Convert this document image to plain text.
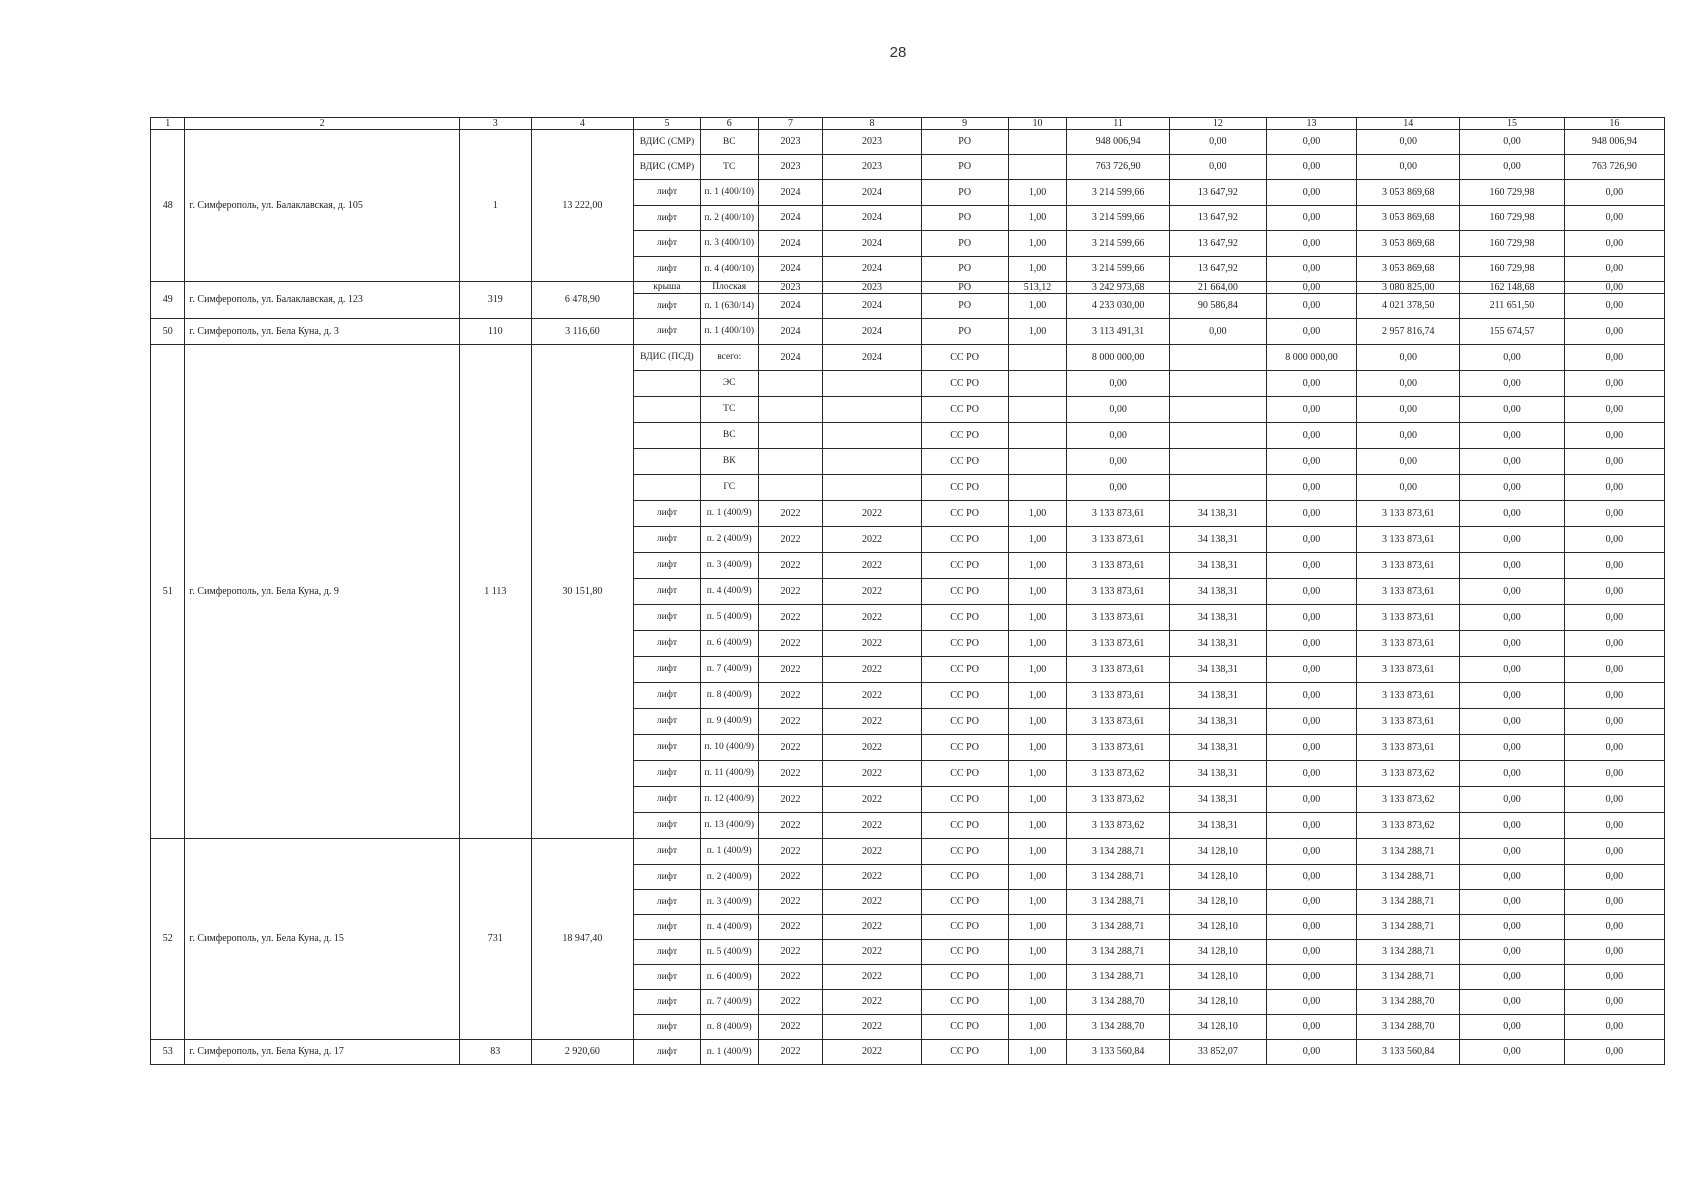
28
1	2	3	4	5	6	7	8	9	10	11	12	13	14	15	16
48	г. Симферополь, ул. Балаклавская, д. 105	1	13 222,00	ВДИС (СМР)	ВС	2023	2023	РО		948 006,94	0,00	0,00	0,00	0,00	948 006,94
				ВДИС (СМР)	ТС	2023	2023	РО		763 726,90	0,00	0,00	0,00	0,00	763 726,90
				лифт	п. 1 (400/10)	2024	2024	РО	1,00	3 214 599,66	13 647,92	0,00	3 053 869,68	160 729,98	0,00
				лифт	п. 2 (400/10)	2024	2024	РО	1,00	3 214 599,66	13 647,92	0,00	3 053 869,68	160 729,98	0,00
				лифт	п. 3 (400/10)	2024	2024	РО	1,00	3 214 599,66	13 647,92	0,00	3 053 869,68	160 729,98	0,00
				лифт	п. 4 (400/10)	2024	2024	РО	1,00	3 214 599,66	13 647,92	0,00	3 053 869,68	160 729,98	0,00
49	г. Симферополь, ул. Балаклавская, д. 123	319	6 478,90	крыша	Плоская	2023	2023	РО	513,12	3 242 973,68	21 664,00	0,00	3 080 825,00	162 148,68	0,00
				лифт	п. 1 (630/14)	2024	2024	РО	1,00	4 233 030,00	90 586,84	0,00	4 021 378,50	211 651,50	0,00
50	г. Симферополь, ул. Бела Куна, д. 3	110	3 116,60	лифт	п. 1 (400/10)	2024	2024	РО	1,00	3 113 491,31	0,00	0,00	2 957 816,74	155 674,57	0,00
51	г. Симферополь, ул. Бела Куна, д. 9	1 113	30 151,80	ВДИС (ПСД)	всего:	2024	2024	СС РО		8 000 000,00		8 000 000,00	0,00	0,00	0,00
					ЭС			СС РО		0,00		0,00	0,00	0,00	0,00
					ТС			СС РО		0,00		0,00	0,00	0,00	0,00
					ВС			СС РО		0,00		0,00	0,00	0,00	0,00
					ВК			СС РО		0,00		0,00	0,00	0,00	0,00
					ГС			СС РО		0,00		0,00	0,00	0,00	0,00
				лифт	п. 1 (400/9)	2022	2022	СС РО	1,00	3 133 873,61	34 138,31	0,00	3 133 873,61	0,00	0,00
				лифт	п. 2 (400/9)	2022	2022	СС РО	1,00	3 133 873,61	34 138,31	0,00	3 133 873,61	0,00	0,00
				лифт	п. 3 (400/9)	2022	2022	СС РО	1,00	3 133 873,61	34 138,31	0,00	3 133 873,61	0,00	0,00
				лифт	п. 4 (400/9)	2022	2022	СС РО	1,00	3 133 873,61	34 138,31	0,00	3 133 873,61	0,00	0,00
				лифт	п. 5 (400/9)	2022	2022	СС РО	1,00	3 133 873,61	34 138,31	0,00	3 133 873,61	0,00	0,00
				лифт	п. 6 (400/9)	2022	2022	СС РО	1,00	3 133 873,61	34 138,31	0,00	3 133 873,61	0,00	0,00
				лифт	п. 7 (400/9)	2022	2022	СС РО	1,00	3 133 873,61	34 138,31	0,00	3 133 873,61	0,00	0,00
				лифт	п. 8 (400/9)	2022	2022	СС РО	1,00	3 133 873,61	34 138,31	0,00	3 133 873,61	0,00	0,00
				лифт	п. 9 (400/9)	2022	2022	СС РО	1,00	3 133 873,61	34 138,31	0,00	3 133 873,61	0,00	0,00
				лифт	п. 10 (400/9)	2022	2022	СС РО	1,00	3 133 873,61	34 138,31	0,00	3 133 873,61	0,00	0,00
				лифт	п. 11 (400/9)	2022	2022	СС РО	1,00	3 133 873,62	34 138,31	0,00	3 133 873,62	0,00	0,00
				лифт	п. 12 (400/9)	2022	2022	СС РО	1,00	3 133 873,62	34 138,31	0,00	3 133 873,62	0,00	0,00
				лифт	п. 13 (400/9)	2022	2022	СС РО	1,00	3 133 873,62	34 138,31	0,00	3 133 873,62	0,00	0,00
52	г. Симферополь, ул. Бела Куна, д. 15	731	18 947,40	лифт	п. 1 (400/9)	2022	2022	СС РО	1,00	3 134 288,71	34 128,10	0,00	3 134 288,71	0,00	0,00
				лифт	п. 2 (400/9)	2022	2022	СС РО	1,00	3 134 288,71	34 128,10	0,00	3 134 288,71	0,00	0,00
				лифт	п. 3 (400/9)	2022	2022	СС РО	1,00	3 134 288,71	34 128,10	0,00	3 134 288,71	0,00	0,00
				лифт	п. 4 (400/9)	2022	2022	СС РО	1,00	3 134 288,71	34 128,10	0,00	3 134 288,71	0,00	0,00
				лифт	п. 5 (400/9)	2022	2022	СС РО	1,00	3 134 288,71	34 128,10	0,00	3 134 288,71	0,00	0,00
				лифт	п. 6 (400/9)	2022	2022	СС РО	1,00	3 134 288,71	34 128,10	0,00	3 134 288,71	0,00	0,00
				лифт	п. 7 (400/9)	2022	2022	СС РО	1,00	3 134 288,70	34 128,10	0,00	3 134 288,70	0,00	0,00
				лифт	п. 8 (400/9)	2022	2022	СС РО	1,00	3 134 288,70	34 128,10	0,00	3 134 288,70	0,00	0,00
53	г. Симферополь, ул. Бела Куна, д. 17	83	2 920,60	лифт	п. 1 (400/9)	2022	2022	СС РО	1,00	3 133 560,84	33 852,07	0,00	3 133 560,84	0,00	0,00
